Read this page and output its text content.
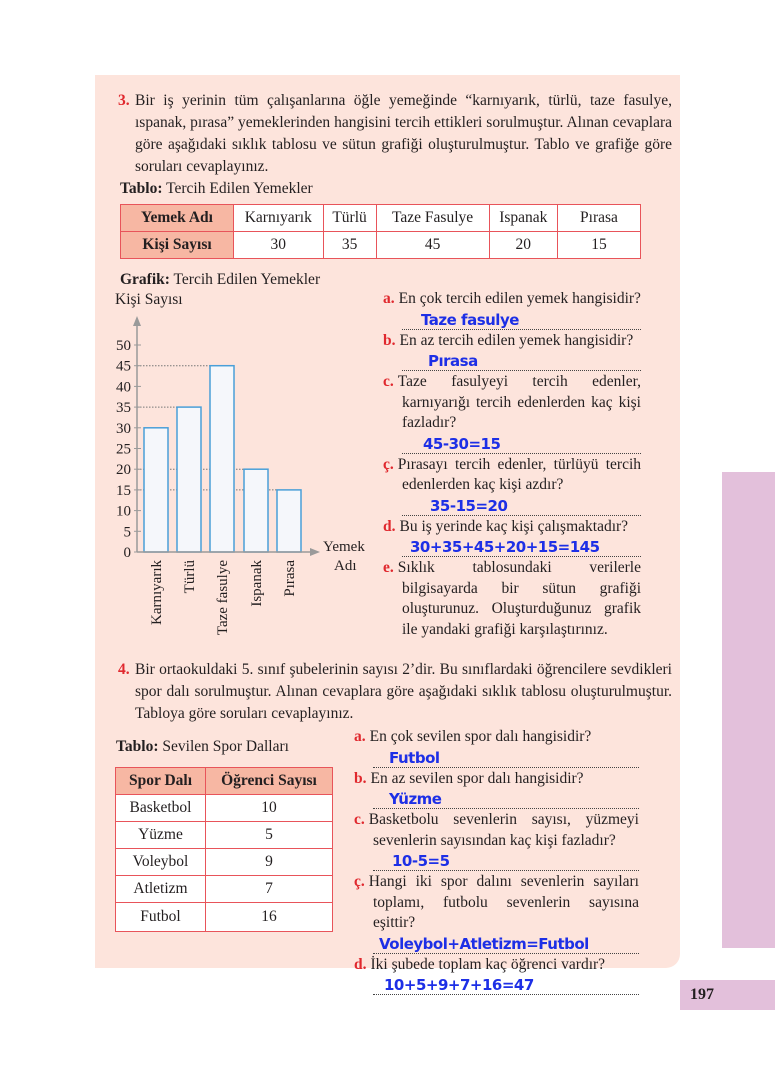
197
3. Bir iş yerinin tüm çalışanlarına öğle yemeğinde “karnıyarık, türlü, taze fasulye, ıspanak, pırasa” yemeklerinden hangisini tercih ettikleri sorulmuştur. Alınan cevaplara göre aşağıdaki sıklık tablosu ve sütun grafiği oluşturulmuştur. Tablo ve grafiğe göre soruları cevaplayınız.
Tablo: Tercih Edilen Yemekler
Yemek Adı	Karnıyarık	Türlü	Taze Fasulye	Ispanak	Pırasa
Kişi Sayısı	30	35	45	20	15
Grafik: Tercih Edilen Yemekler
Kişi Sayısı
0
5
10
15
20
25
30
35
40
45
50
Karnıyarık Türlü Taze fasulye Ispanak Pırasa
Yemek
Adı
a. En çok tercih edilen yemek hangisidir?
Taze fasulye
b. En az tercih edilen yemek hangisidir?
Pırasa
c. Taze fasulyeyi tercih edenler, karnıyarığı tercih edenlerden kaç kişi fazladır?
45-30=15
ç. Pırasayı tercih edenler, türlüyü tercih edenlerden kaç kişi azdır?
35-15=20
d. Bu iş yerinde kaç kişi çalışmaktadır?
30+35+45+20+15=145
e. Sıklık tablosundaki verilerle bilgisayarda bir sütun grafiği oluşturunuz. Oluşturduğunuz grafik ile yandaki grafiği karşılaştırınız.
4. Bir ortaokuldaki 5. sınıf şubelerinin sayısı 2’dir. Bu sınıflardaki öğrencilere sevdikleri spor dalı sorulmuştur. Alınan cevaplara göre aşağıdaki sıklık tablosu oluşturulmuştur. Tabloya göre soruları cevaplayınız.
Tablo: Sevilen Spor Dalları
Spor Dalı	Öğrenci Sayısı
Basketbol	10
Yüzme	5
Voleybol	9
Atletizm	7
Futbol	16
a. En çok sevilen spor dalı hangisidir?
Futbol
b. En az sevilen spor dalı hangisidir?
Yüzme
c. Basketbolu sevenlerin sayısı, yüzmeyi sevenlerin sayısından kaç kişi fazladır?
10-5=5
ç. Hangi iki spor dalını sevenlerin sayıları toplamı, futbolu sevenlerin sayısına eşittir?
Voleybol+Atletizm=Futbol
d. İki şubede toplam kaç öğrenci vardır?
10+5+9+7+16=47
